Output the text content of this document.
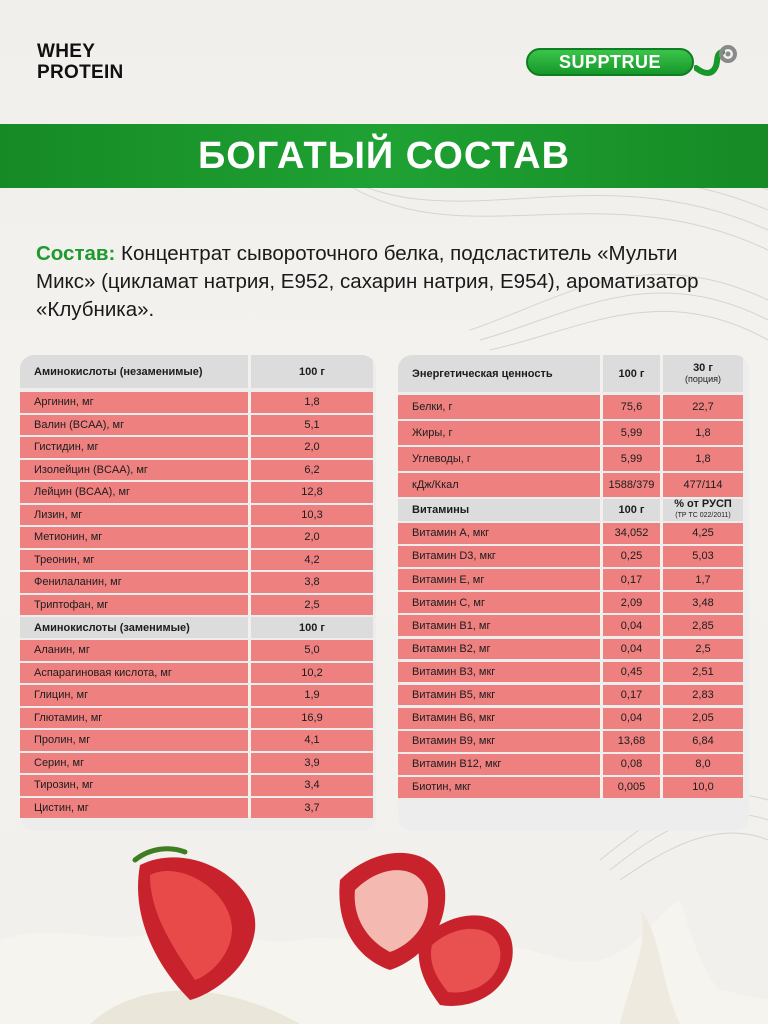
WHEY
PROTEIN	SUPPTRUE
БОГАТЫЙ СОСТАВ
Состав: Концентрат сывороточного белка, подсластитель «Мульти Микс» (цикламат натрия, E952, сахарин натрия, E954), ароматизатор «Клубника».
Аминокислоты (незаменимые)	100 г
Аргинин, мг	1,8
Валин (BCAA), мг	5,1
Гистидин, мг	2,0
Изолейцин (BCAA), мг	6,2
Лейцин (BCAA), мг	12,8
Лизин, мг	10,3
Метионин, мг	2,0
Треонин, мг	4,2
Фенилаланин, мг	3,8
Триптофан, мг	2,5
Аминокислоты (заменимые)	100 г
Аланин, мг	5,0
Аспарагиновая кислота, мг	10,2
Глицин, мг	1,9
Глютамин, мг	16,9
Пролин, мг	4,1
Серин, мг	3,9
Тирозин, мг	3,4
Цистин, мг	3,7
Энергетическая ценность	100 г	30 г
(порция)
Белки, г	75,6	22,7
Жиры, г	5,99	1,8
Углеводы, г	5,99	1,8
кДж/Ккал	1588/379	477/114
Витамины	100 г	% от РУСП
(ТР ТС 022/2011)
Витамин A, мкг	34,052	4,25
Витамин D3, мкг	0,25	5,03
Витамин E, мг	0,17	1,7
Витамин C, мг	2,09	3,48
Витамин B1, мг	0,04	2,85
Витамин B2, мг	0,04	2,5
Витамин B3, мкг	0,45	2,51
Витамин B5, мкг	0,17	2,83
Витамин B6, мкг	0,04	2,05
Витамин B9, мкг	13,68	6,84
Витамин B12, мкг	0,08	8,0
Биотин, мкг	0,005	10,0
